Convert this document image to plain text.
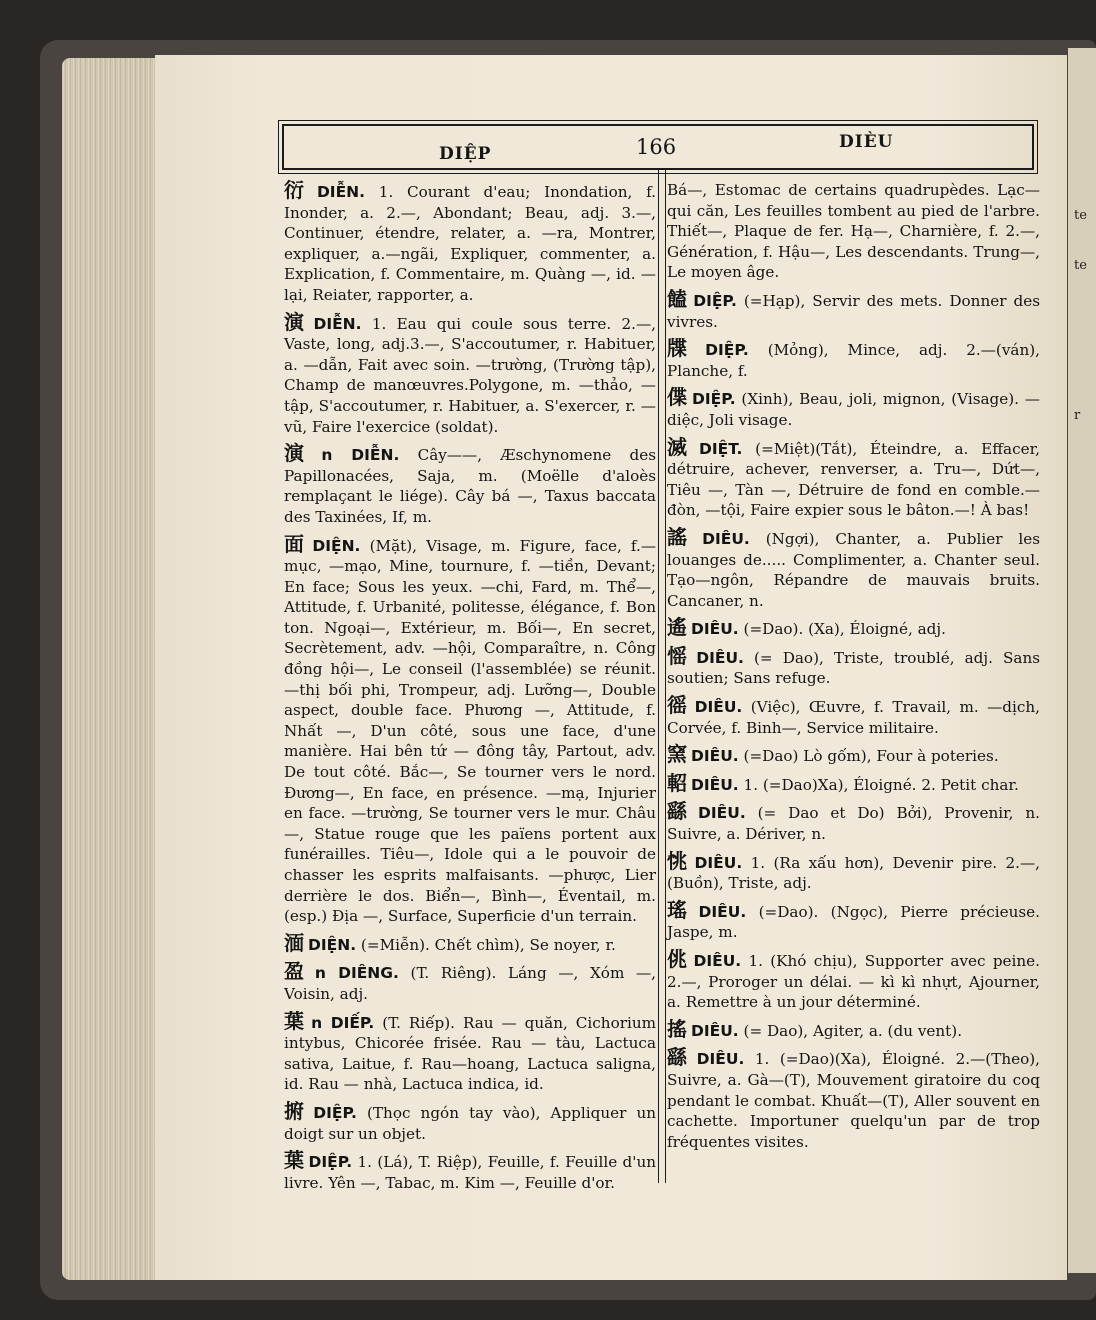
te
te
r
DIỆP	166	DIÈU

衍 DIỄN. 1. Courant d'eau; Inondation, f. Inonder, a. 2.—, Abondant; Beau, adj. 3.—, Continuer, étendre, relater, a. —ra, Montrer, expliquer, a.—ngãi, Expliquer, commenter, a. Explication, f. Commentaire, m. Quàng —, id. — lại, Reiater, rapporter, a.

演 DIỄN. 1. Eau qui coule sous terre. 2.—, Vaste, long, adj.3.—, S'accoutumer, r. Habituer, a. —dẫn, Fait avec soin. —trường, (Trường tập), Champ de manœuvres.Polygone, m. —thảo, —tập, S'accoutumer, r. Habituer, a. S'exercer, r. — vũ, Faire l'exercice (soldat).

演 n DIỄN. Cây——, Æschynomene des Papillonacées, Saja, m. (Moëlle d'aloès remplaçant le liége). Cây bá —, Taxus baccata des Taxinées, If, m.

面 DIỆN. (Mặt), Visage, m. Figure, face, f.—mục, —mạo, Mine, tournure, f. —tiền, Devant; En face; Sous les yeux. —chi, Fard, m. Thể—, Attitude, f. Urbanité, politesse, élégance, f. Bon ton. Ngoại—, Extérieur, m. Bối—, En secret, Secrètement, adv. —hội, Comparaître, n. Công đồng hội—, Le conseil (l'assemblée) se réunit. —thị bối phi, Trompeur, adj. Lưỡng—, Double aspect, double face. Phương —, Attitude, f. Nhất —, D'un côté, sous une face, d'une manière. Hai bên tứ — đông tây, Partout, adv. De tout côté. Bắc—, Se tourner vers le nord. Đương—, En face, en présence. —mạ, Injurier en face. —trường, Se tourner vers le mur. Châu —, Statue rouge que les païens portent aux funérailles. Tiêu—, Idole qui a le pouvoir de chasser les esprits malfaisants. —phược, Lier derrière le dos. Biển—, Bình—, Éventail, m. (esp.) Địa —, Surface, Superficie d'un terrain.

湎 DIỆN. (=Miễn). Chết chìm), Se noyer, r.

盈 n DIÊNG. (T. Riêng). Láng —, Xóm —, Voisin, adj.

葉 n DIẾP. (T. Riếp). Rau — quăn, Cichorium intybus, Chicorée frisée. Rau — tàu, Lactuca sativa, Laitue, f. Rau—hoang, Lactuca saligna, id. Rau — nhà, Lactuca indica, id.

捬 DIỆP. (Thọc ngón tay vào), Appliquer un doigt sur un objet.

葉 DIỆP. 1. (Lá), T. Riệp), Feuille, f. Feuille d'un livre. Yên —, Tabac, m. Kim —, Feuille d'or.

Bá—, Estomac de certains quadrupèdes. Lạc— qui căn, Les feuilles tombent au pied de l'arbre. Thiết—, Plaque de fer. Hạ—, Charnière, f. 2.—, Génération, f. Hậu—, Les descendants. Trung—, Le moyen âge.

饁 DIỆP. (=Hạp), Servir des mets. Donner des vivres.

牒 DIỆP. (Mỏng), Mince, adj. 2.—(ván), Planche, f.

偞 DIỆP. (Xinh), Beau, joli, mignon, (Visage). —diệc, Joli visage.

滅 DIỆT. (=Miệt)(Tắt), Éteindre, a. Effacer, détruire, achever, renverser, a. Tru—, Dứt—, Tiêu —, Tàn —, Détruire de fond en comble.—đòn, —tội, Faire expier sous le bâton.—! À bas!

謠 DIÊU. (Ngợi), Chanter, a. Publier les louanges de..... Complimenter, a. Chanter seul. Tạo—ngôn, Répandre de mauvais bruits. Cancaner, n.

遙 DIÊU. (=Dao). (Xa), Éloigné, adj.

愮 DIÊU. (= Dao), Triste, troublé, adj. Sans soutien; Sans refuge.

徭 DIÊU. (Việc), Œuvre, f. Travail, m. —dịch, Corvée, f. Binh—, Service militaire.

窯 DIÊU. (=Dao) Lò gốm), Four à poteries.

軺 DIÊU. 1. (=Dao)Xa), Éloigné. 2. Petit char.

繇 DIÊU. (= Dao et Do) Bởi), Provenir, n. Suivre, a. Dériver, n.

恌 DIÊU. 1. (Ra xấu hơn), Devenir pire. 2.—, (Buồn), Triste, adj.

瑤 DIÊU. (=Dao). (Ngọc), Pierre précieuse. Jaspe, m.

佻 DIÊU. 1. (Khó chịu), Supporter avec peine. 2.—, Proroger un délai. — kì kì nhựt, Ajourner, a. Remettre à un jour déterminé.

搖 DIÊU. (= Dao), Agiter, a. (du vent).

繇 DIÊU. 1. (=Dao)(Xa), Éloigné. 2.—(Theo), Suivre, a. Gà—(T), Mouvement giratoire du coq pendant le combat. Khuất—(T), Aller souvent en cachette. Importuner quelqu'un par de trop fréquentes visites.
